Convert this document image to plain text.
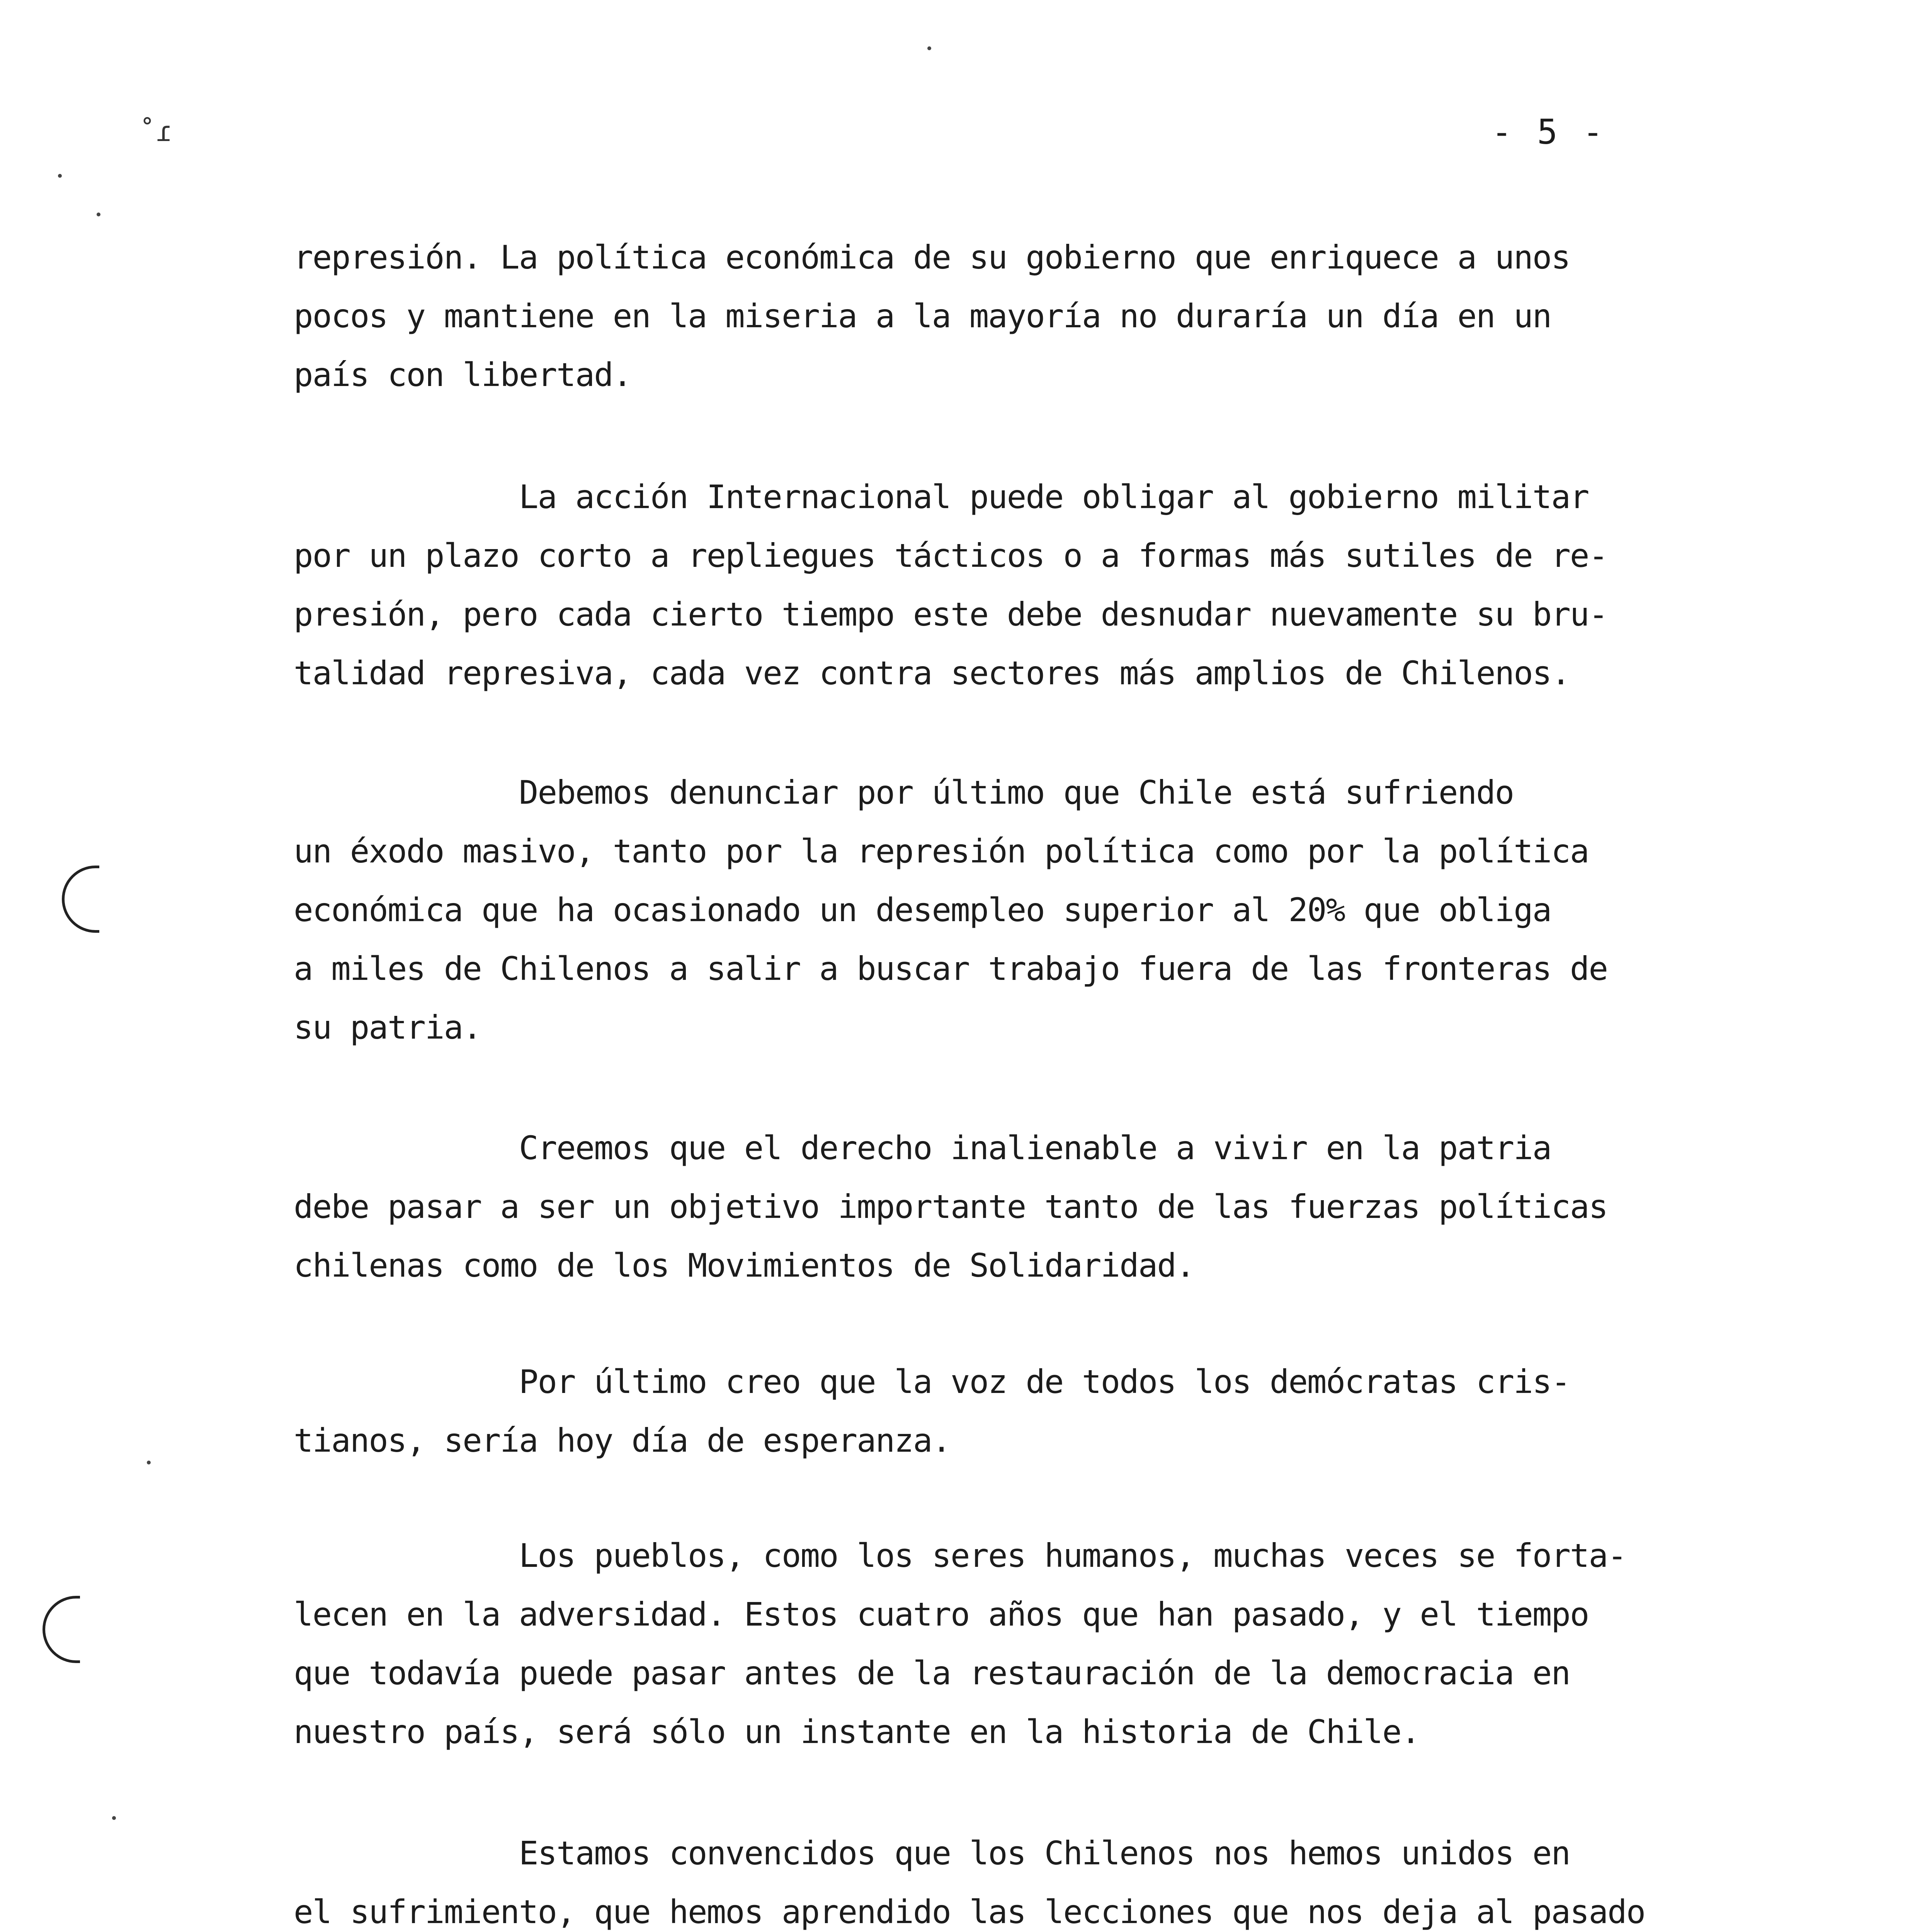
˚ɾ	- 5 -

represión. La política económica de su gobierno que enriquece a unos
pocos y mantiene en la miseria a la mayoría no duraría un día en un
país con libertad.

La acción Internacional puede obligar al gobierno militar
por un plazo corto a repliegues tácticos o a formas más sutiles de re-
presión, pero cada cierto tiempo este debe desnudar nuevamente su bru-
talidad represiva, cada vez contra sectores más amplios de Chilenos.

Debemos denunciar por último que Chile está sufriendo
un éxodo masivo, tanto por la represión política como por la política
económica que ha ocasionado un desempleo superior al 20% que obliga
a miles de Chilenos a salir a buscar trabajo fuera de las fronteras de
su patria.

Creemos que el derecho inalienable a vivir en la patria
debe pasar a ser un objetivo importante tanto de las fuerzas políticas
chilenas como de los Movimientos de Solidaridad.

Por último creo que la voz de todos los demócratas cris-
tianos, sería hoy día de esperanza.

Los pueblos, como los seres humanos, muchas veces se forta-
lecen en la adversidad. Estos cuatro años que han pasado, y el tiempo
que todavía puede pasar antes de la restauración de la democracia en
nuestro país, será sólo un instante en la historia de Chile.

Estamos convencidos que los Chilenos nos hemos unidos en
el sufrimiento, que hemos aprendido las lecciones que nos deja al pasado
